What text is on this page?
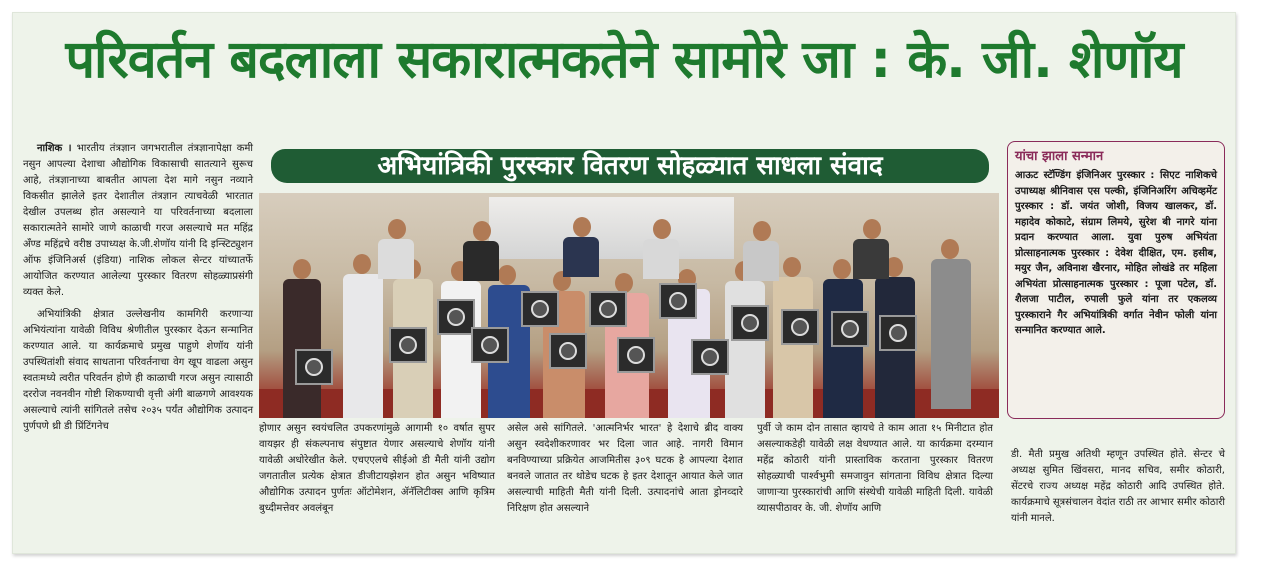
परिवर्तन बदलाला सकारात्मकतेने सामोरे जा : के. जी. शेणॉय

नाशिक । भारतीय तंत्रज्ञान जगभरातील तंत्रज्ञानापेक्षा कमी नसुन आपल्या देशाचा औद्योगिक विकासाची सातत्याने सुरूच आहे, तंत्रज्ञानाच्या बाबतीत आपला देश मागे नसुन नव्याने विकसीत झालेले इतर देशातील तंत्रज्ञान त्याचवेळी भारतात देखील उपलब्ध होत असल्याने या परिवर्तनाच्या बदलाला सकारात्मतेने सामोरे जाणे काळाची गरज असल्याचे मत महिंद्र अँण्ड महिंद्रचे वरीष्ठ उपाध्यक्ष के.जी.शेणॉय यांनी दि इन्स्टिट्युशन ऑफ इंजिनिअर्स (इंडिया) नाशिक लोकल सेन्टर यांच्यातर्फे आयोजित करण्यात आलेल्या पुरस्कार वितरण सोहळ्याप्रसंगी व्यक्त केले.

अभियांत्रिकी क्षेत्रात उल्लेखनीय कामगिरी करणाऱ्या अभियंत्यांना यावेळी विविध श्रेणीतील पुरस्कार देऊन सन्मानित करण्यात आले. या कार्यक्रमाचे प्रमुख पाहुणे शेणॉय यांनी उपस्थितांशी संवाद साधताना परिवर्तनाचा वेग खूप वाढला असुन स्वतःमध्ये त्वरीत परिवर्तन होणे ही काळाची गरज असुन त्यासाठी दररोज नवनवीन गोष्टी शिकण्याची वृत्ती अंगी बाळगणे आवश्यक असल्याचे त्यांनी सांगितले तसेच २०३५ पर्यंत औद्योगिक उत्पादन पुर्णपणे थ्री डी प्रिंटिंगनेच

अभियांत्रिकी पुरस्कार वितरण सोहळ्यात साधला संवाद

होणार असुन स्वयंचलित उपकरणांमुळे आगामी १० वर्षात सुपर वायझर ही संकल्पनाच संपुष्टात येणार असल्याचे शेणॉय यांनी यावेळी अधोरेखीत केले. एचएएलचे सीईओ डी मैती यांनी उद्योग जगतातील प्रत्येक क्षेत्रात डीजीटायझेशन होत असुन भविष्यात औद्योगिक उत्पादन पुर्णतः ऑटोमेशन, ॲनॅलिटीक्स आणि कृत्रिम बुध्दीमत्तेवर अवलंबून

असेल असे सांगितले. 'आत्मनिर्भर भारत' हे देशाचे ब्रीद वाक्य असुन स्वदेशीकरणावर भर दिला जात आहे. नागरी विमान बनविण्याच्या प्रक्रियेत आजमितीस ३०९ घटक हे आपल्या देशात बनवले जातात तर थोडेच घटक हे इतर देशातून आयात केले जात असल्याची माहिती मैती यांनी दिली. उत्पादनांचे आता ड्रोनव्दारे निरिक्षण होत असल्याने

पुर्वी जे काम दोन तासात व्हायचे ते काम आता १५ मिनीटात होत असल्याकडेही यावेळी लक्ष वेधण्यात आले. या कार्यक्रमा दरम्यान महेंद्र कोठारी यांनी प्रास्ताविक करताना पुरस्कार वितरण सोहळ्याची पार्श्वभुमी समजावुन सांगताना विविध क्षेत्रात दिल्या जाणाऱ्या पुरस्कारांची आणि संस्थेची यावेळी माहिती दिली. यावेळी व्यासपीठावर के. जी. शेणॉय आणि

यांचा झाला सन्मान

आऊट स्टॅण्डिंग इंजिनिअर पुरस्कार : सिएट नाशिकचे उपाध्यक्ष श्रीनिवास एस पल्की, इंजिनिअरिंग अचिव्हमेंट पुरस्कार : डॉ. जयंत जोशी, विजय खालकर, डॉ. महादेव कोकाटे, संग्राम लिमये, सुरेश बी नागरे यांना प्रदान करण्यात आला. युवा पुरुष अभियंता प्रोत्साहनात्मक पुरस्कार : देवेश दीक्षित, एम. हसीब, मयुर जैन, अविनाश खैरनार, मोहित लोखंडे तर महिला अभियंता प्रोत्साहनात्मक पुरस्कार : पूजा पटेल, डॉ. शैलजा पाटील, रुपाली फुले यांना तर एकलव्य पुरस्काराने गैर अभियांत्रिकी वर्गात नेवीन फोली यांना सन्मानित करण्यात आले.

डी. मैती प्रमुख अतिथी म्हणून उपस्थित होते. सेन्टर चे अध्यक्ष सुमित खिंवसरा, मानद सचिव, समीर कोठारी, सेंटरचे राज्य अध्यक्ष महेंद्र कोठारी आदि उपस्थित होते. कार्यक्रमाचे सूत्रसंचालन वेदांत राठी तर आभार समीर कोठारी यांनी मानले.
